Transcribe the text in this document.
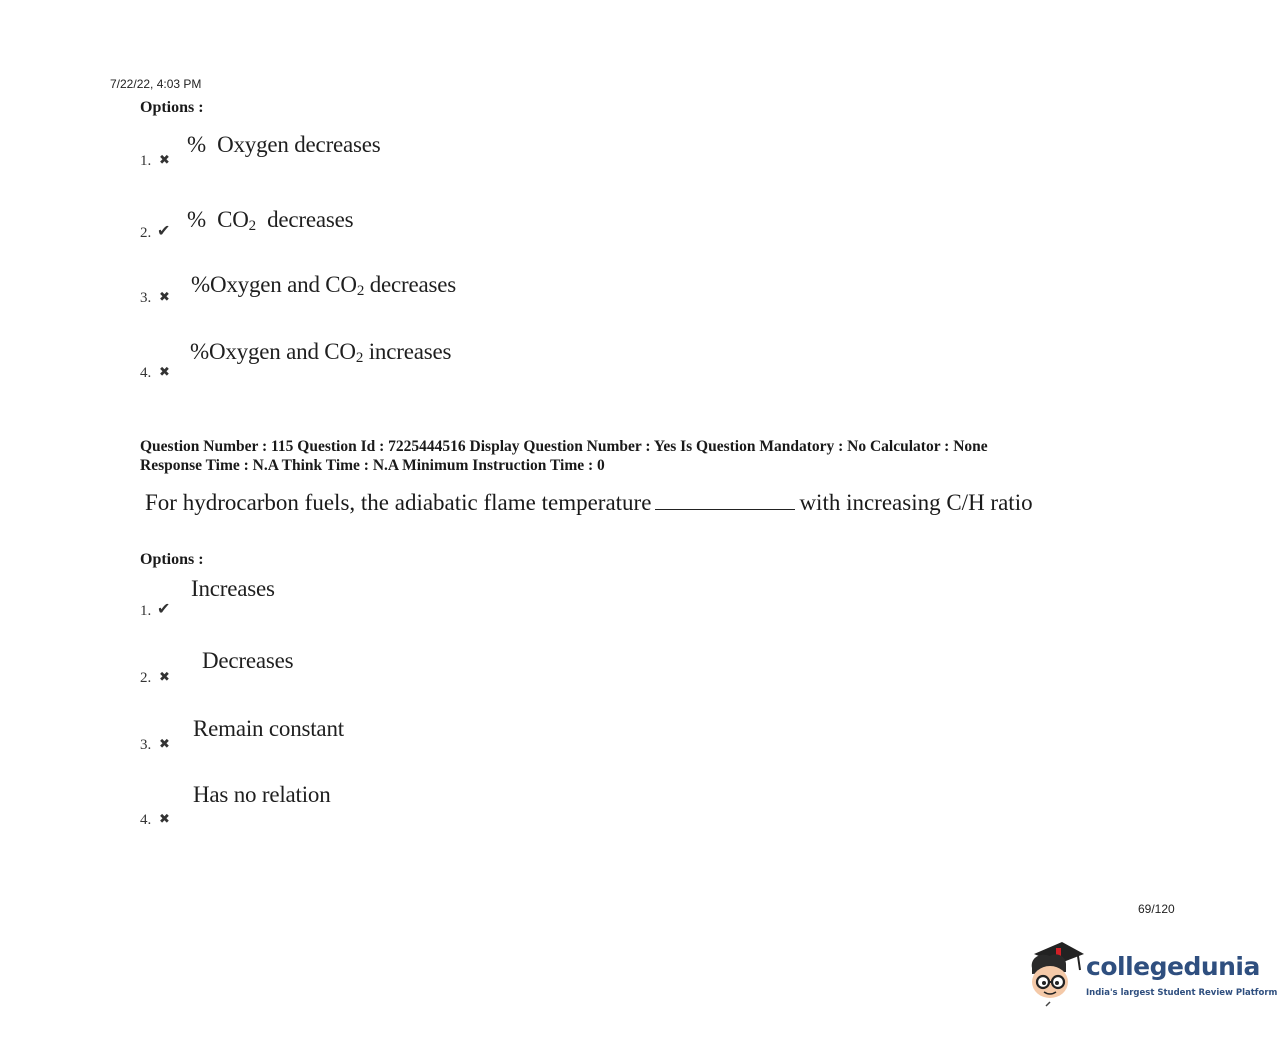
7/22/22, 4:03 PM
Options :
1. ✖
% Oxygen decreases
2. ✔ % $CO_2$ decreases
3. ✖ %Oxygen and $CO_2$ decreases
4. ✖
%Oxygen and $CO_2$ increases
Question Number : 115 Question Id : 7225444516 Display Question Number : Yes Is Question Mandatory : No Calculator : None
Response Time : N.A Think Time : N.A Minimum Instruction Time : 0
For hydrocarbon fuels, the adiabatic flame temperature	with increasing C/H ratio
Options :
1. ✔
Increases
2. ✖
Decreases
3. ✖
Remain constant
4. ✖
Has no relation
69/120
collegedunia
India's largest Student Review Platform
